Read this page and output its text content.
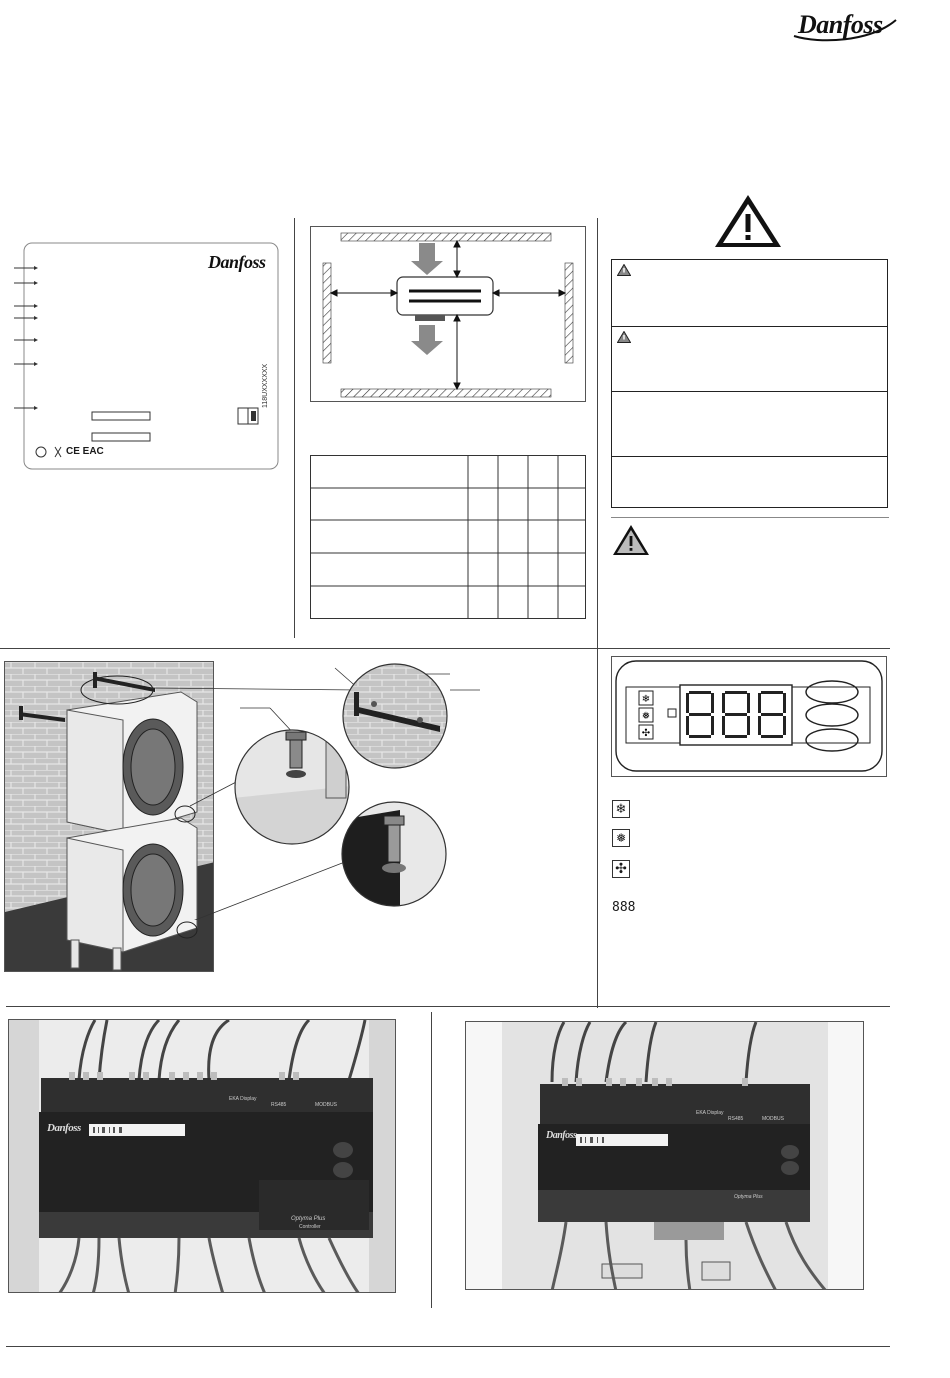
Danfoss
Danfoss
118UXXXXXX
CE EAC
❄
❅
✣
❄
❅
✣
888
Danfoss
EKA Display
RS485	MODBUS
Optyma Plus
Controller
Danfoss
EKA Display
RS485	MODBUS
Optyma Plus
